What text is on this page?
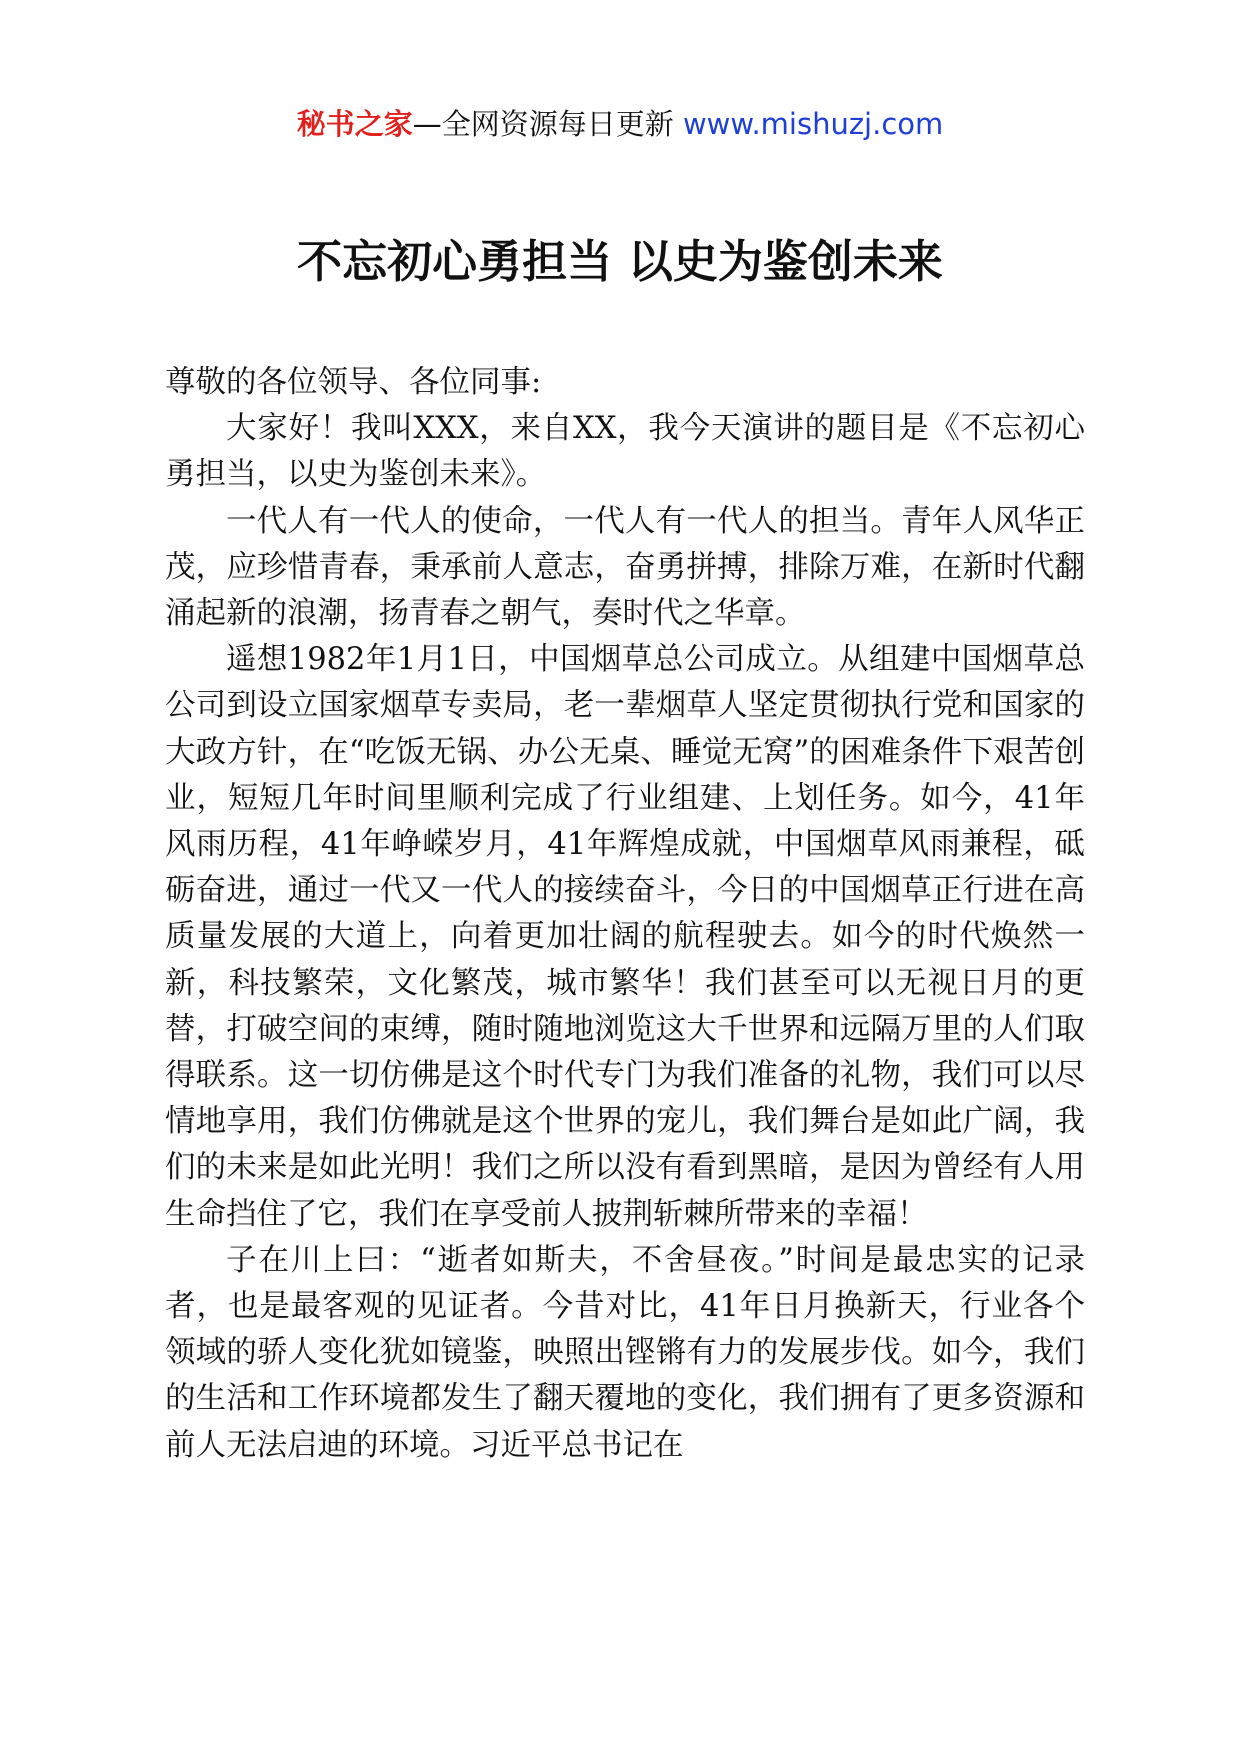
秘书之家—全网资源每日更新 www.mishuzj.com
不忘初心勇担当 以史为鉴创未来

尊敬的各位领导、各位同事:

大家好！我叫XXX，来自XX，我今天演讲的题目是《不忘初心勇担当，以史为鉴创未来》。

一代人有一代人的使命，一代人有一代人的担当。青年人风华正茂，应珍惜青春，秉承前人意志，奋勇拼搏，排除万难，在新时代翻涌起新的浪潮，扬青春之朝气，奏时代之华章。

遥想1982年1月1日，中国烟草总公司成立。从组建中国烟草总公司到设立国家烟草专卖局，老一辈烟草人坚定贯彻执行党和国家的大政方针，在“吃饭无锅、办公无桌、睡觉无窝”的困难条件下艰苦创业，短短几年时间里顺利完成了行业组建、上划任务。如今，41年风雨历程，41年峥嵘岁月，41年辉煌成就，中国烟草风雨兼程，砥砺奋进，通过一代又一代人的接续奋斗，今日的中国烟草正行进在高质量发展的大道上，向着更加壮阔的航程驶去。如今的时代焕然一新，科技繁荣，文化繁茂，城市繁华！我们甚至可以无视日月的更替，打破空间的束缚，随时随地浏览这大千世界和远隔万里的人们取得联系。这一切仿佛是这个时代专门为我们准备的礼物，我们可以尽情地享用，我们仿佛就是这个世界的宠儿，我们舞台是如此广阔，我们的未来是如此光明！我们之所以没有看到黑暗，是因为曾经有人用生命挡住了它，我们在享受前人披荆斩棘所带来的幸福！

子在川上曰：“逝者如斯夫，不舍昼夜。”时间是最忠实的记录者，也是最客观的见证者。今昔对比，41年日月换新天，行业各个领域的骄人变化犹如镜鉴，映照出铿锵有力的发展步伐。如今，我们的生活和工作环境都发生了翻天覆地的变化，我们拥有了更多资源和前人无法启迪的环境。习近平总书记在
